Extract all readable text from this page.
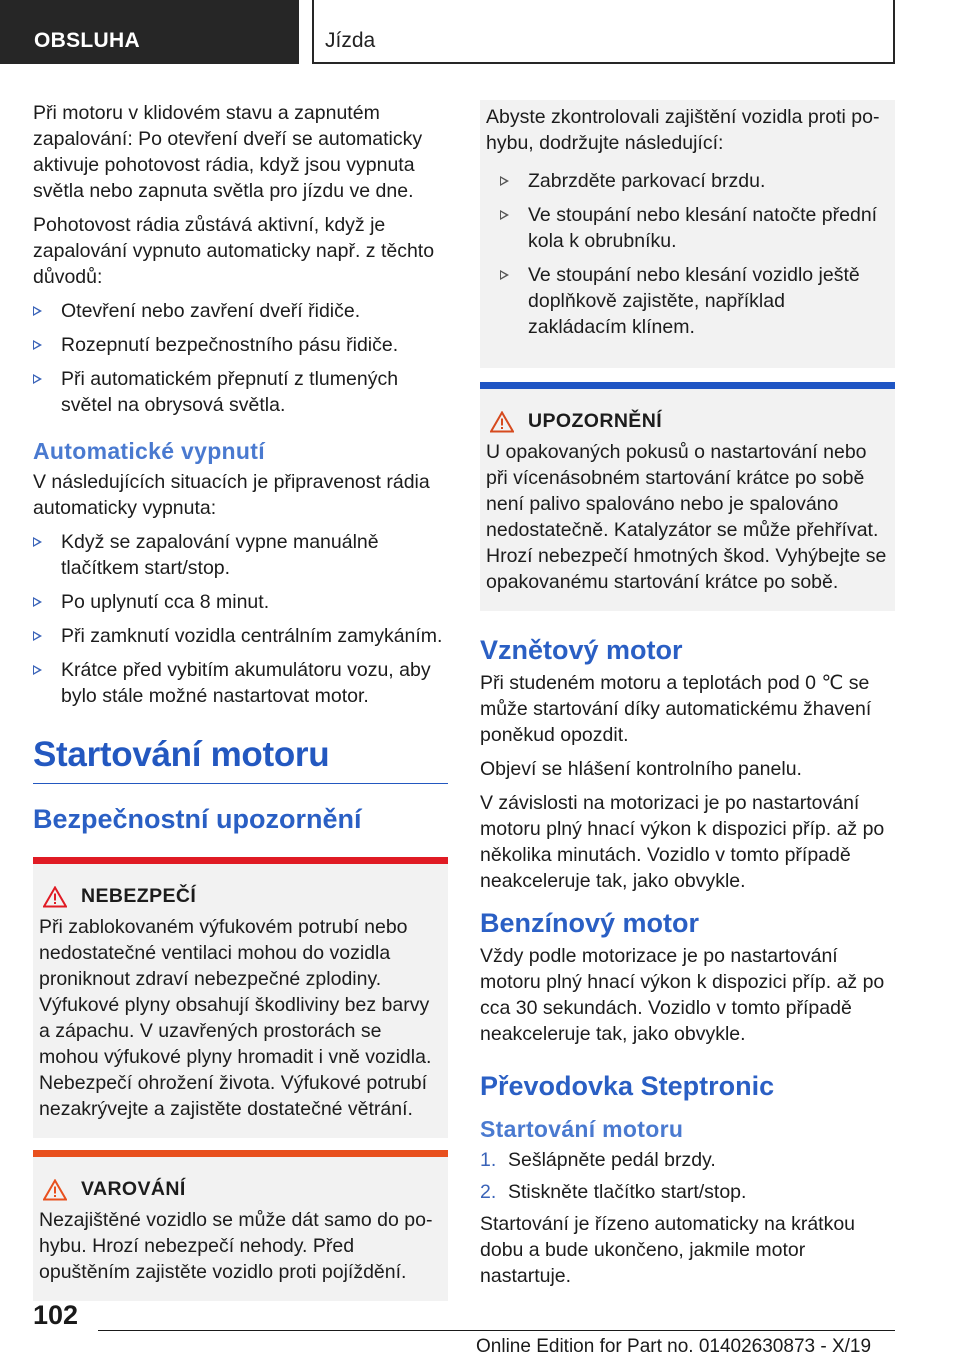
OBSLUHA	Jízda

Při motoru v klidovém stavu a zapnutém zapalování: Po otevření dveří se automaticky aktivuje pohotovost rádia, když jsou vypnuta světla nebo zapnuta světla pro jízdu ve dne.

Pohotovost rádia zůstává aktivní, když je zapalování vypnuto automaticky např. z těchto důvodů:

Otevření nebo zavření dveří řidiče.
Rozepnutí bezpečnostního pásu řidiče.
Při automatickém přepnutí z tlumených světel na obrysová světla.
Automatické vypnutí

V následujících situacích je připravenost rádia automaticky vypnuta:

Když se zapalování vypne manuálně tlačítkem start/stop.
Po uplynutí cca 8 minut.
Při zamknutí vozidla centrálním zamykáním.
Krátce před vybitím akumulátoru vozu, aby bylo stále možné nastartovat motor.
Startování motoru
Bezpečnostní upozornění
NEBEZPEČÍ
Při zablokovaném výfukovém potrubí nebo nedostatečné ventilaci mohou do vozidla proniknout zdraví nebezpečné zplodiny. Výfukové plyny obsahují škodliviny bez barvy a zápachu. V uzavřených prostorách se mohou výfukové plyny hromadit i vně vozidla. Nebezpečí ohrožení života. Výfukové potrubí nezakrývejte a zajistěte dostatečné větrání.
VAROVÁNÍ
Nezajištěné vozidlo se může dát samo do pohybu. Hrozí nebezpečí nehody. Před opuštěním zajistěte vozidlo proti pojíždění.

Abyste zkontrolovali zajištění vozidla proti pohybu, dodržujte následující:

Zabrzděte parkovací brzdu.
Ve stoupání nebo klesání natočte přední kola k obrubníku.
Ve stoupání nebo klesání vozidlo ještě doplňkově zajistěte, například zakládacím klínem.
UPOZORNĚNÍ
U opakovaných pokusů o nastartování nebo při vícenásobném startování krátce po sobě není palivo spalováno nebo je spalováno nedostatečně. Katalyzátor se může přehřívat. Hrozí nebezpečí hmotných škod. Vyhýbejte se opakovanému startování krátce po sobě.
Vznětový motor

Při studeném motoru a teplotách pod 0 ℃ se může startování díky automatickému žhavení poněkud opozdit.

Objeví se hlášení kontrolního panelu.

V závislosti na motorizaci je po nastartování motoru plný hnací výkon k dispozici příp. až po několika minutách. Vozidlo v tomto případě neakceleruje tak, jako obvykle.

Benzínový motor

Vždy podle motorizace je po nastartování motoru plný hnací výkon k dispozici příp. až po cca 30 sekundách. Vozidlo v tomto případě neakceleruje tak, jako obvykle.

Převodovka Steptronic
Startování motoru
1. Sešlápněte pedál brzdy.
2. Stiskněte tlačítko start/stop.

Startování je řízeno automaticky na krátkou dobu a bude ukončeno, jakmile motor nastartuje.

102
Online Edition for Part no. 01402630873 - X/19
